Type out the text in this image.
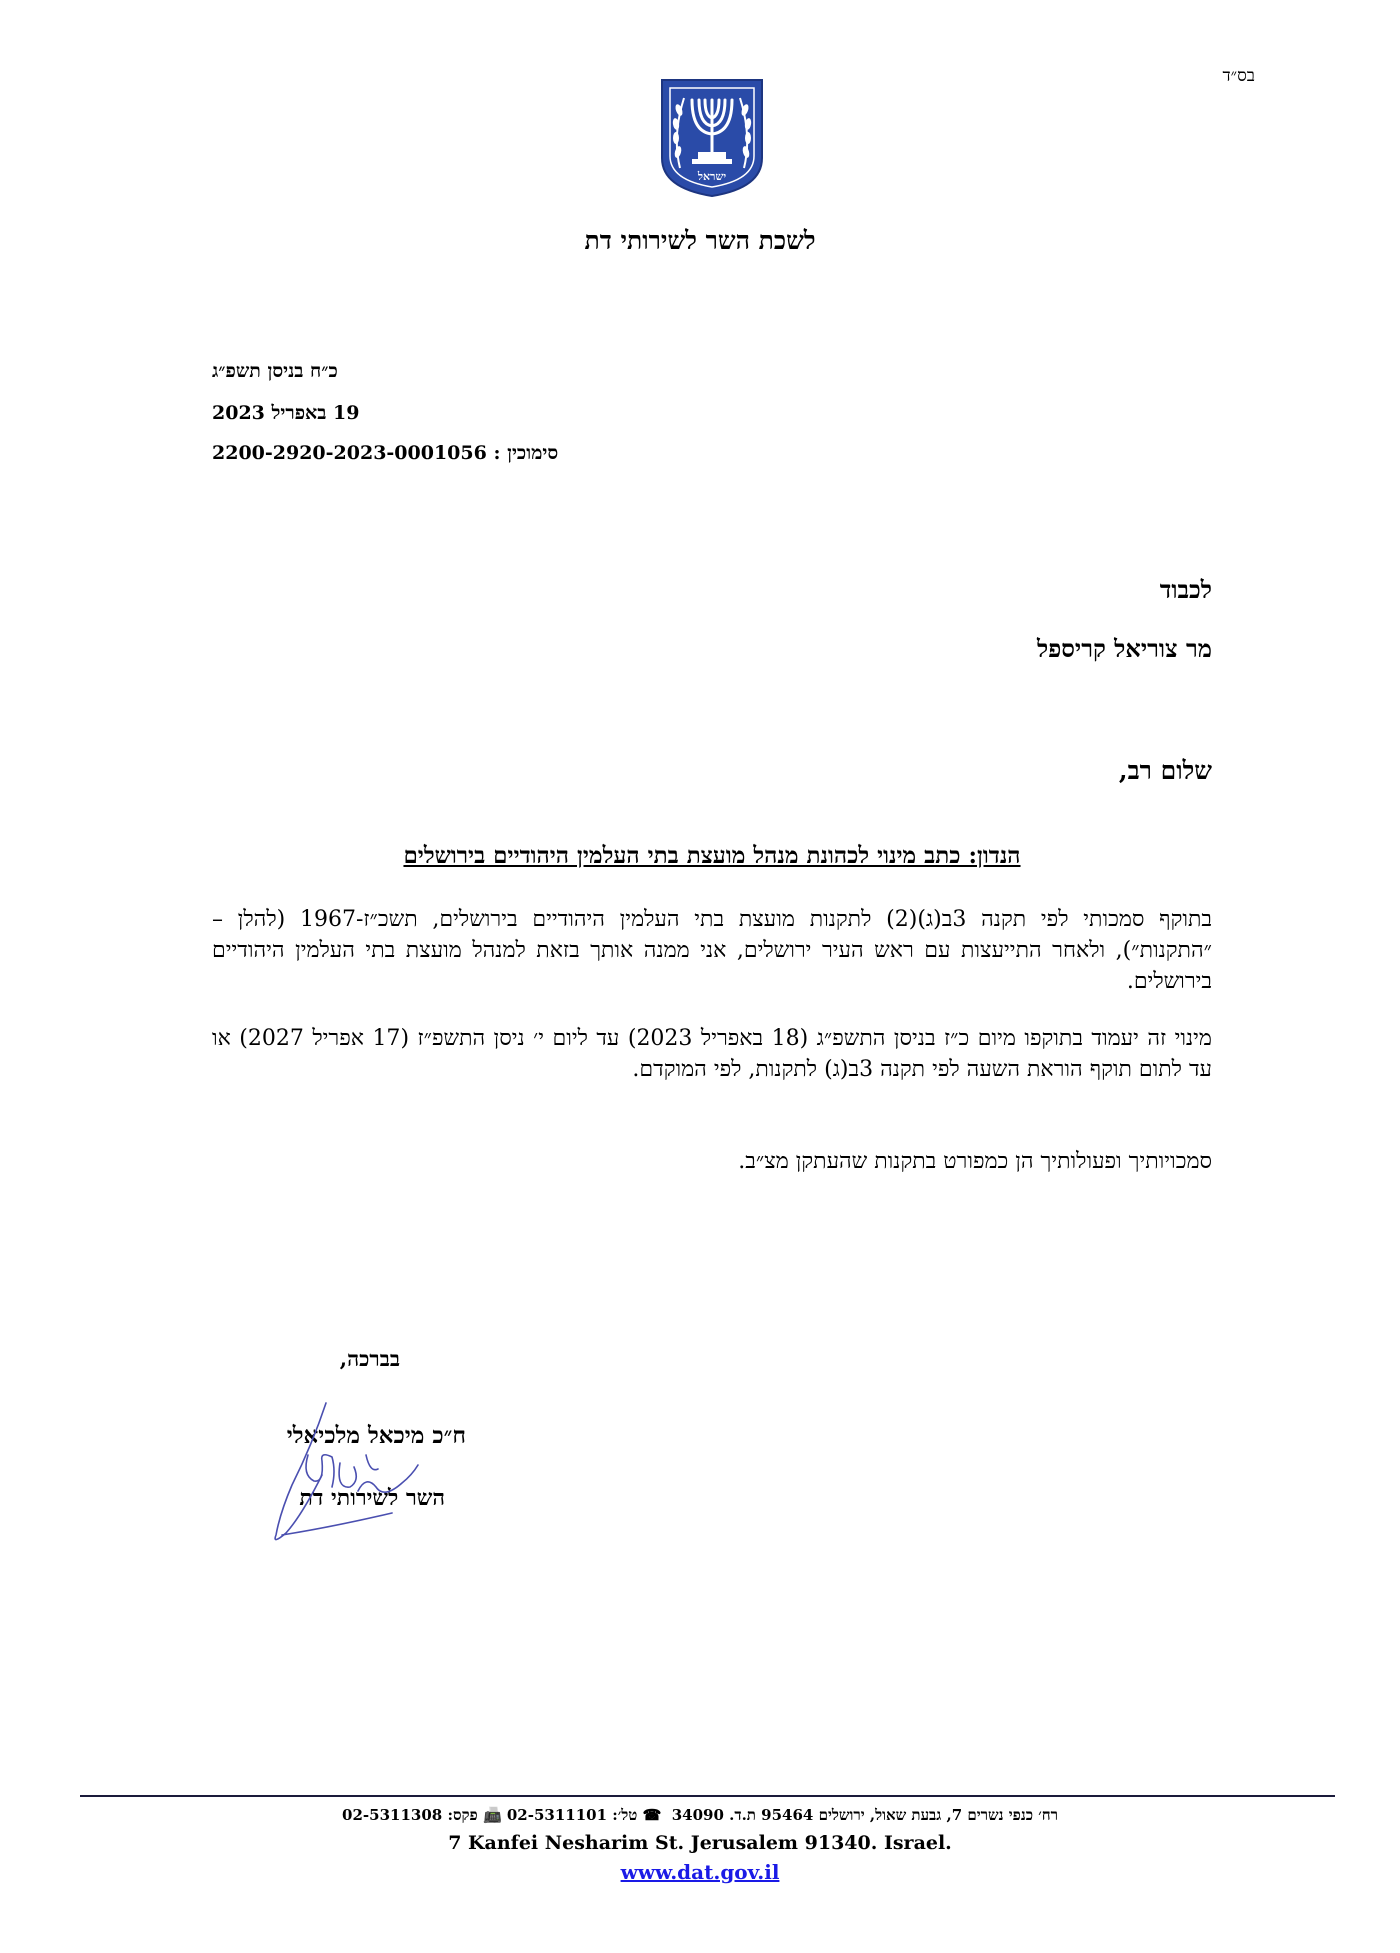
בס״ד
ישראל
לשכת השר לשירותי דת
כ״ח בניסן תשפ״ג
19 באפריל 2023
סימוכין : 2200-2920-2023-0001056
לכבוד
מר צוריאל קריספל
שלום רב,
הנדון: כתב מינוי לכהונת מנהל מועצת בתי העלמין היהודיים בירושלים
בתוקף סמכותי לפי תקנה 3ב(ג)(2) לתקנות מועצת בתי העלמין היהודיים בירושלים, תשכ״ז-1967 (להלן – ״התקנות״), ולאחר התייעצות עם ראש העיר ירושלים, אני ממנה אותך בזאת למנהל מועצת בתי העלמין היהודיים בירושלים.
מינוי זה יעמוד בתוקפו מיום כ״ז בניסן התשפ״ג (18 באפריל 2023) עד ליום י׳ ניסן התשפ״ז (17 אפריל 2027) או עד לתום תוקף הוראת השעה לפי תקנה 3ב(ג) לתקנות, לפי המוקדם.
סמכויותיך ופעולותיך הן כמפורט בתקנות שהעתקן מצ״ב.
בברכה,
ח״כ מיכאל מלכיאלי
השר לשירותי דת
רח׳ כנפי נשרים 7, גבעת שאול, ירושלים 95464 ת.ד. 34090  ☎ טל׳: 02-5311101 📠 פקס: 02-5311308
7 Kanfei Nesharim St. Jerusalem 91340. Israel.
www.dat.gov.il
